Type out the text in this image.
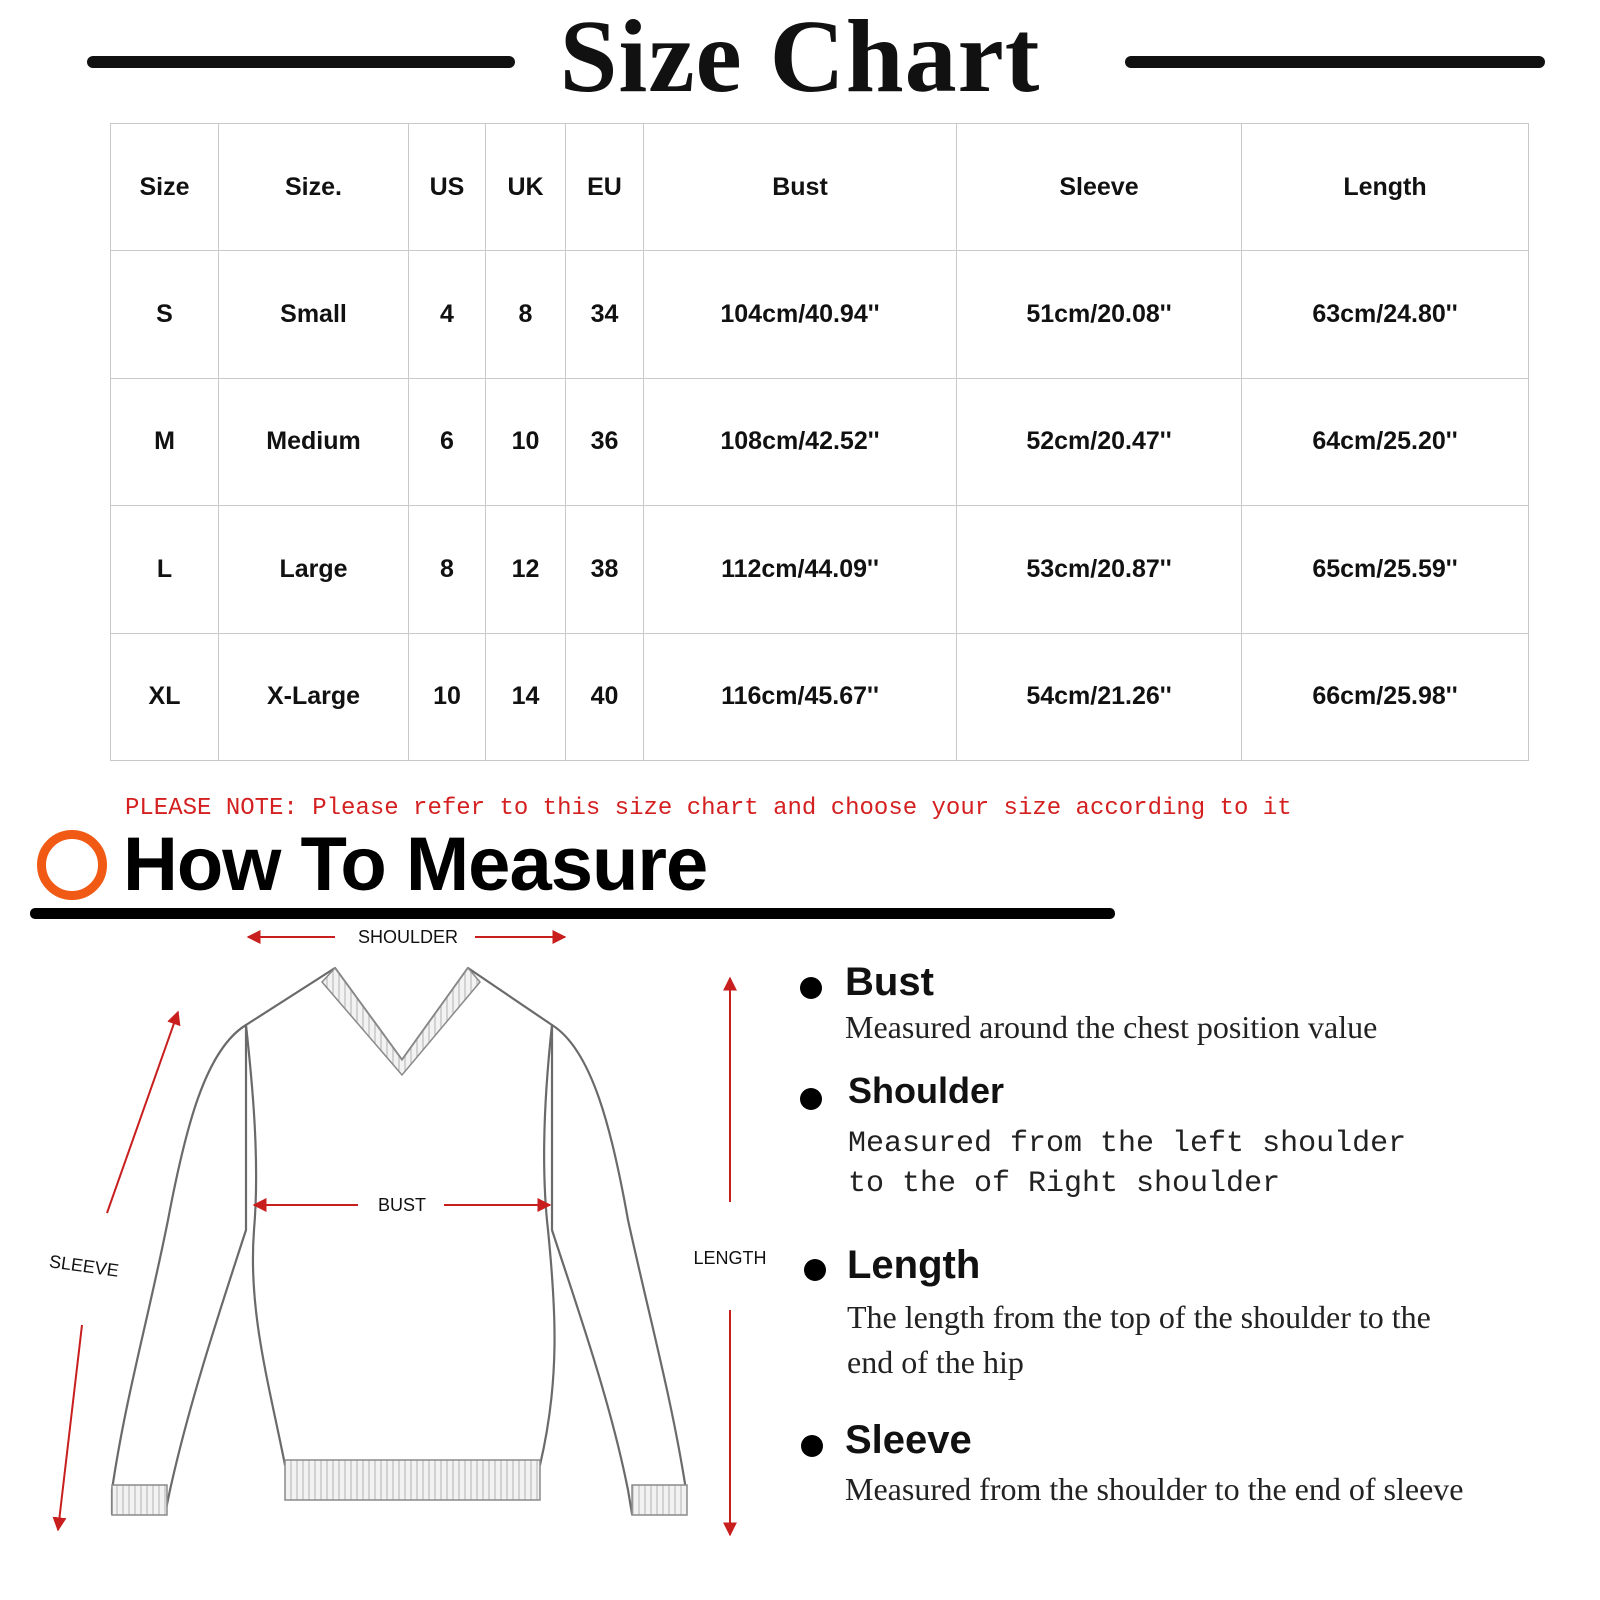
Size Chart
Size	Size.	US	UK	EU	Bust	Sleeve	Length
S	Small	4	8	34	104cm/40.94''	51cm/20.08''	63cm/24.80''
M	Medium	6	10	36	108cm/42.52''	52cm/20.47''	64cm/25.20''
L	Large	8	12	38	112cm/44.09''	53cm/20.87''	65cm/25.59''
XL	X-Large	10	14	40	116cm/45.67''	54cm/21.26''	66cm/25.98''
PLEASE NOTE: Please refer to this size chart and choose your size according to it
How To Measure
SHOULDER
BUST
SLEEVE	LENGTH
Bust
Measured around the chest position value
Shoulder
Measured from the left shoulder to the of Right shoulder
Length
The length from the top of the shoulder to the end of the hip
Sleeve
Measured from the shoulder to the end of sleeve
